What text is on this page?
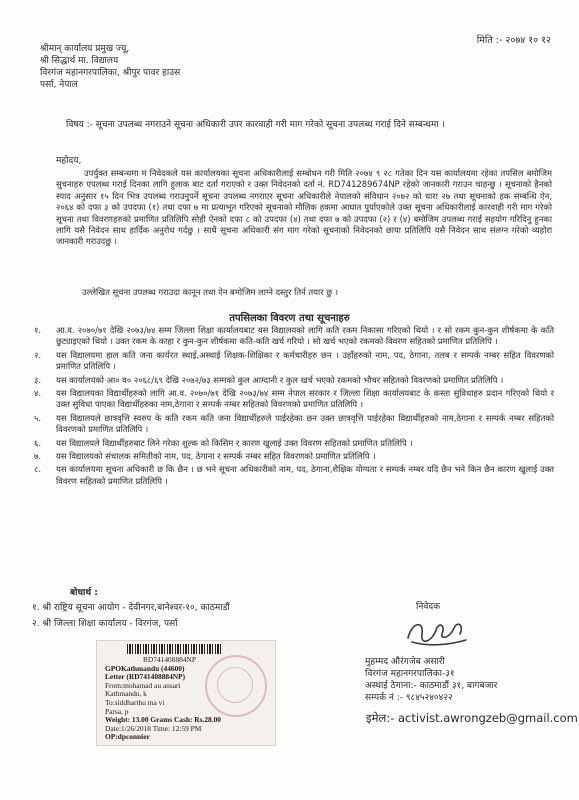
मिति :- २०७४ १० १२
श्रीमान् कार्यालय प्रमुख ज्यू,
श्री सिद्धार्थ मा. विद्यालय
विरगंज महानगरपालिका, श्रीपुर पावर हाउस
पर्सा, नेपाल
विषय :- सूचना उपलब्ध नगराउने सूचना अधिकारी उपर कारवाही गरी माग गरेको सूचना उपलब्ध गराई दिने सम्बन्धमा ।
महोदय,

उपर्युक्त सम्बन्धमा म निवेदकले यस कार्यालयका सूचना अधिकारीलाई सम्बोधन गरी मिति २०७४ ९ २८ गतेका दिन यस कार्यालयमा रहेका तपसिल बमोजिम सुचनाहरु एपलब्ध गराई दिनका लागि हुलाक बाट दर्ता गराएको र उक्त निवेदनको दर्ता नं. RD741289674NP रहेको जानकारी गराउन चाहन्छु । सूचनाको हैनको स्याद अनुसार १५ दिन भित्र उपलब्ध गराउनुपर्ने सूचना उपलब्ध नगराएर सूचना अधिकारीले नेपालको संविधान २०७२ को धारा २७ तथा सूचनाको हक सम्बन्धि ऐन, २०६४ को दफा ३ को उपदफा (१) तथा दफा ७ मा प्रत्याभूत गरिएको सूचनाको मौलिक हकमा आघात पुर्याएकोले उक्त सूचना अधिकारीलाई कारवाही गरी माग गरेको सूचना तथा विवरणहरुको प्रमाणित प्रतिलिपि सोही ऐनको दफा ८ को उपदफा (४) तथा दफा ७ को उपदफा (२) र (४) बमोजिम उपलब्ध गराई सहयोग गरिदिनु हुनका लागि यसै निवेदन साथ हार्दिक अनुरोध गर्दछु । साथै सूचना अधिकारी संग माग गरेको सूचनाको निवेदनको छाया प्रतिलिपि यसै निवेदन साथ संलग्न गरेको व्यहोरा जानकारी गराउदछु ।

उल्लेखित सूचना उपलब्ध गराउदा कानून तथा ऐन बमोजिम लाग्ने दस्तुर तिर्न तयार छु ।
तपसिलका विवरण तथा सूचनाहरु
१. आ.व. २०७०/७१ देखि २०७३/७४ सम्म जिल्ला शिक्षा कार्यालयबाट यस विद्यालयको लागि कति रकम निकासा गरिएको थियो । र सो रकम कुन-कुन शीर्षकमा के कति छुट्याइएको थियो । उक्त रकम के काहा र कुन-कुन शीर्षकमा कति-कति खर्च गरियो । सो खर्च भएको रकमको विवरण सहितको प्रमाणित प्रतिलिपि ।
२. यस विद्यालयमा हाल कति जना कार्यरत स्थाई,अस्थाई शिक्षक-शिक्षिका र कर्मचारीहरु छन । उहाँहरुको नाम, पद, ठेगाना, तलब र सम्पर्क नम्बर सहित विवरणको प्रमाणित प्रतिलिपि ।
३. यस कार्यालयको आ० व० २०६८/६९ देखि २०७२/७३ सम्मको कुल आम्दानी र कुल खर्च भएको रकमको भौचर सहितको विवरणको प्रमाणित प्रतिलिपि ।
४. यस विद्यालयका विद्यार्थीहरुको लागि आ.व. २०७०/७१ देखि २०७३/७४ सम्म नेपाल सरकार र जिल्ला शिक्षा कार्यालयबाट के कस्ता सुविधाहरु प्रदान गरिएको थियो र उक्त सुविधा पाएका विद्यार्थीहरुका नाम,ठेगाना र सम्पर्क नम्बर सहितको विवरणको प्रमाणित प्रतिलिपि ।
५. यस विद्यालयले छात्रवृत्ति स्वरुप के कति रकम कति जना विद्यार्थीहरुले पाईरहेका छन उक्त छात्रवृत्ति पाईरहेका विद्यार्थीहरुको नाम,ठेगाना र सम्पर्क नम्बर सहितको विवरणको प्रमाणित प्रतिलिपि ।
६. यस विद्यालयले विद्यार्थीहरुबाट लिने गरेका शुल्क को किसिम र कारण खुलाई उक्त विवरण सहितको प्रमाणित प्रतिलिपि ।
७. यस विद्यालयको संचालक समितीको नाम, पद, ठेगाना र सम्पर्क नम्बर सहित विवरणको प्रमाणित प्रतिलिपि ।
८. यस कार्यालयमा सूचना अधिकारी छ कि छैन । छ भने सूचना अधिकारीको नाम, पद, ठेगाना,शैक्षिक योग्यता र सम्पर्क नम्बर यदि छैन भने किन छैन कारण खुलाई उक्त विवरण सहितको प्रमाणित प्रतिलिपि ।
बोधार्थ :
१. श्री राष्ट्रिय सूचना आयोग - देवीनगर,बानेश्वर-१०, काठमाडौं
२. श्री जिल्ला शिक्षा कार्यालय - विरगंज, पर्सा
निवेदक
मुहम्मद औरंगजेब असारी
विरगंज महानगरपालिका-३१
अस्थाई ठेगाना:- काठमाडौं ३१, बागबजार
सम्पर्क नं :- ९८४५२४०४२२
इमेल:- activist.awrongzeb@gmail.com
RD741408884NP
GPOKathmandu (44600)
Letter (RD741408884NP)
From:mohamad au ansari
Kathmandu, k
To:siddharthu ma vi
Parsa, p
Weight: 13.00 Grams Cash: Rs.28.00
Date:1/26/2018 Time: 12:59 PM
OP:dpconnier
